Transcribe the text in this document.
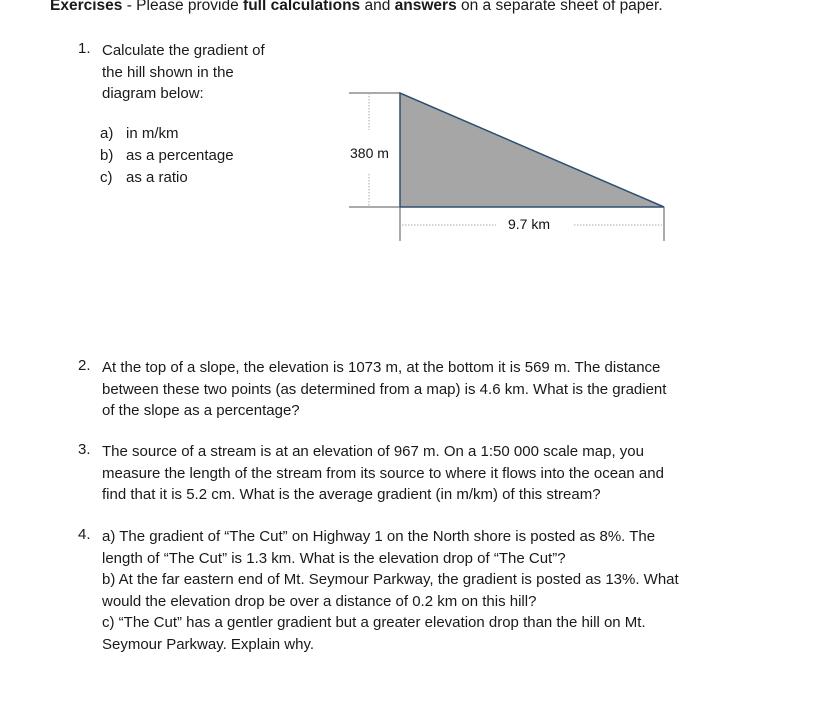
Exercises - Please provide full calculations and answers on a separate sheet of paper.
1. Calculate the gradient of
the hill shown in the
diagram below:
a) in m/km
b) as a percentage
c) as a ratio
380 m
9.7 km
2. At the top of a slope, the elevation is 1073 m, at the bottom it is 569 m. The distance
between these two points (as determined from a map) is 4.6 km. What is the gradient
of the slope as a percentage?
3. The source of a stream is at an elevation of 967 m. On a 1:50 000 scale map, you
measure the length of the stream from its source to where it flows into the ocean and
find that it is 5.2 cm. What is the average gradient (in m/km) of this stream?
4. a) The gradient of “The Cut” on Highway 1 on the North shore is posted as 8%. The
length of “The Cut” is 1.3 km. What is the elevation drop of “The Cut”?
b) At the far eastern end of Mt. Seymour Parkway, the gradient is posted as 13%. What
would the elevation drop be over a distance of 0.2 km on this hill?
c) “The Cut” has a gentler gradient but a greater elevation drop than the hill on Mt.
Seymour Parkway. Explain why.
